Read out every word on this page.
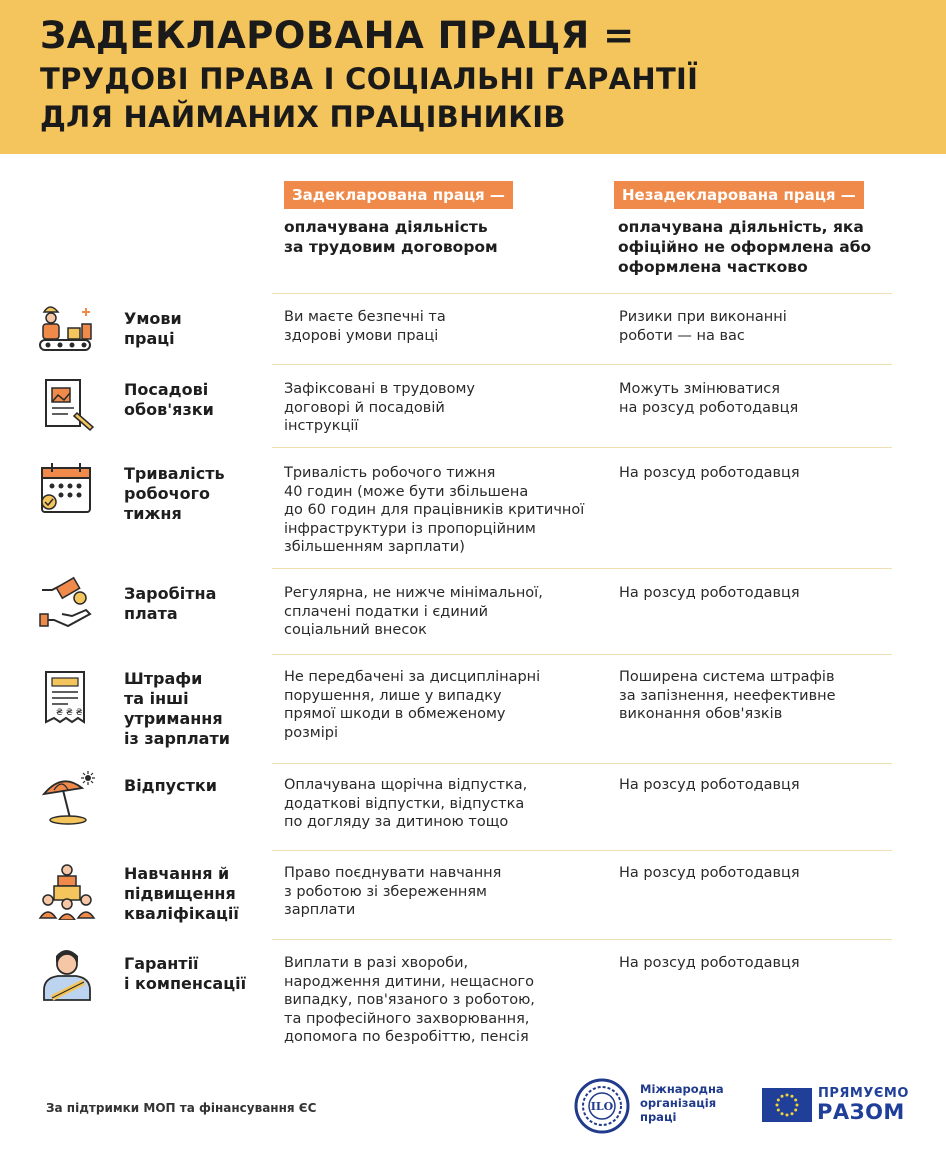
ЗАДЕКЛАРОВАНА ПРАЦЯ =
ТРУДОВІ ПРАВА І СОЦІАЛЬНІ ГАРАНТІЇ
ДЛЯ НАЙМАНИХ ПРАЦІВНИКІВ
Задекларована праця —
оплачувана діяльність
за трудовим договором
Незадекларована праця —
оплачувана діяльність, яка
офіційно не оформлена або
оформлена частково
Умови
праці
Ви маєте безпечні та
здорові умови праці
Ризики при виконанні
роботи — на вас
Посадові
обов'язки
Зафіксовані в трудовому
договорі й посадовій
інструкції
Можуть змінюватися
на розсуд роботодавця
Тривалість
робочого
тижня
Тривалість робочого тижня
40 годин (може бути збільшена
до 60 годин для працівників критичної
інфраструктури із пропорційним
збільшенням зарплати)
На розсуд роботодавця
Заробітна
плата
Регулярна, не нижче мінімальної,
сплачені податки і єдиний
соціальний внесок
На розсуд роботодавця
₴ ₴ ₴
Штрафи
та інші
утримання
із зарплати
Не передбачені за дисциплінарні
порушення, лише у випадку
прямої шкоди в обмеженому
розмірі
Поширена система штрафів
за запізнення, неефективне
виконання обов'язків
Відпустки	Оплачувана щорічна відпустка,
додаткові відпустки, відпустка
по догляду за дитиною тощо
На розсуд роботодавця
Навчання й
підвищення
кваліфікації
Право поєднувати навчання
з роботою зі збереженням
зарплати
На розсуд роботодавця
Гарантії
і компенсації
Виплати в разі хвороби,
народження дитини, нещасного
випадку, пов'язаного з роботою,
та професійного захворювання,
допомога по безробіттю, пенсія
На розсуд роботодавця
За підтримки МОП та фінансування ЄС	ILO
Міжнародна
організація
праці
ПРЯМУЄМО
РАЗОМ
